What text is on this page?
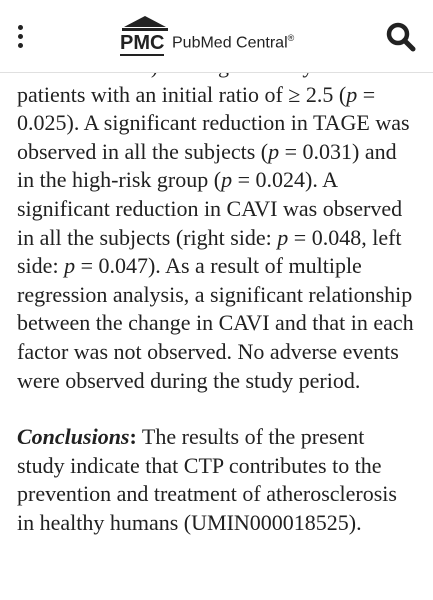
PMC PubMed Central®

patients with an initial ratio of ≥ 2.5 (p = 0.025). A significant reduction in TAGE was observed in all the subjects (p = 0.031) and in the high-risk group (p = 0.024). A significant reduction in CAVI was observed in all the subjects (right side: p = 0.048, left side: p = 0.047). As a result of multiple regression analysis, a significant relationship between the change in CAVI and that in each factor was not observed. No adverse events were observed during the study period.

Conclusions: The results of the present study indicate that CTP contributes to the prevention and treatment of atherosclerosis in healthy humans (UMIN000018525).
